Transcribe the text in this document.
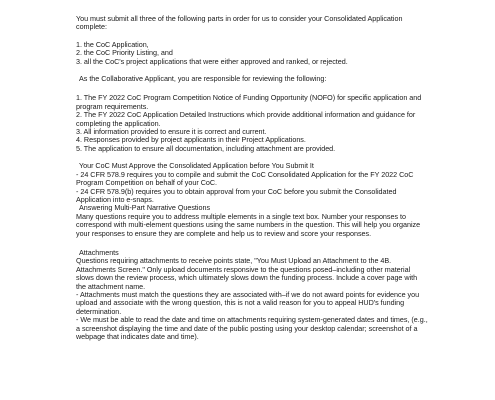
You must submit all three of the following parts in order for us to consider your Consolidated Application complete:

1. the CoC Application,

2. the CoC Priority Listing, and

3. all the CoC's project applications that were either approved and ranked, or rejected.

As the Collaborative Applicant, you are responsible for reviewing the following:

1. The FY 2022 CoC Program Competition Notice of Funding Opportunity (NOFO) for specific application and program requirements.

2. The FY 2022 CoC Application Detailed Instructions which provide additional information and guidance for completing the application.

3. All information provided to ensure it is correct and current.

4. Responses provided by project applicants in their Project Applications.

5. The application to ensure all documentation, including attachment are provided.

Your CoC Must Approve the Consolidated Application before You Submit It

- 24 CFR 578.9 requires you to compile and submit the CoC Consolidated Application for the FY 2022 CoC Program Competition on behalf of your CoC.

- 24 CFR 578.9(b) requires you to obtain approval from your CoC before you submit the Consolidated Application into e-snaps.

Answering Multi-Part Narrative Questions

Many questions require you to address multiple elements in a single text box. Number your responses to correspond with multi-element questions using the same numbers in the question. This will help you organize your responses to ensure they are complete and help us to review and score your responses.

Attachments

Questions requiring attachments to receive points state, "You Must Upload an Attachment to the 4B. Attachments Screen." Only upload documents responsive to the questions posed–including other material slows down the review process, which ultimately slows down the funding process. Include a cover page with the attachment name.

- Attachments must match the questions they are associated with–if we do not award points for evidence you upload and associate with the wrong question, this is not a valid reason for you to appeal HUD's funding determination.

- We must be able to read the date and time on attachments requiring system-generated dates and times, (e.g., a screenshot displaying the time and date of the public posting using your desktop calendar; screenshot of a webpage that indicates date and time).
